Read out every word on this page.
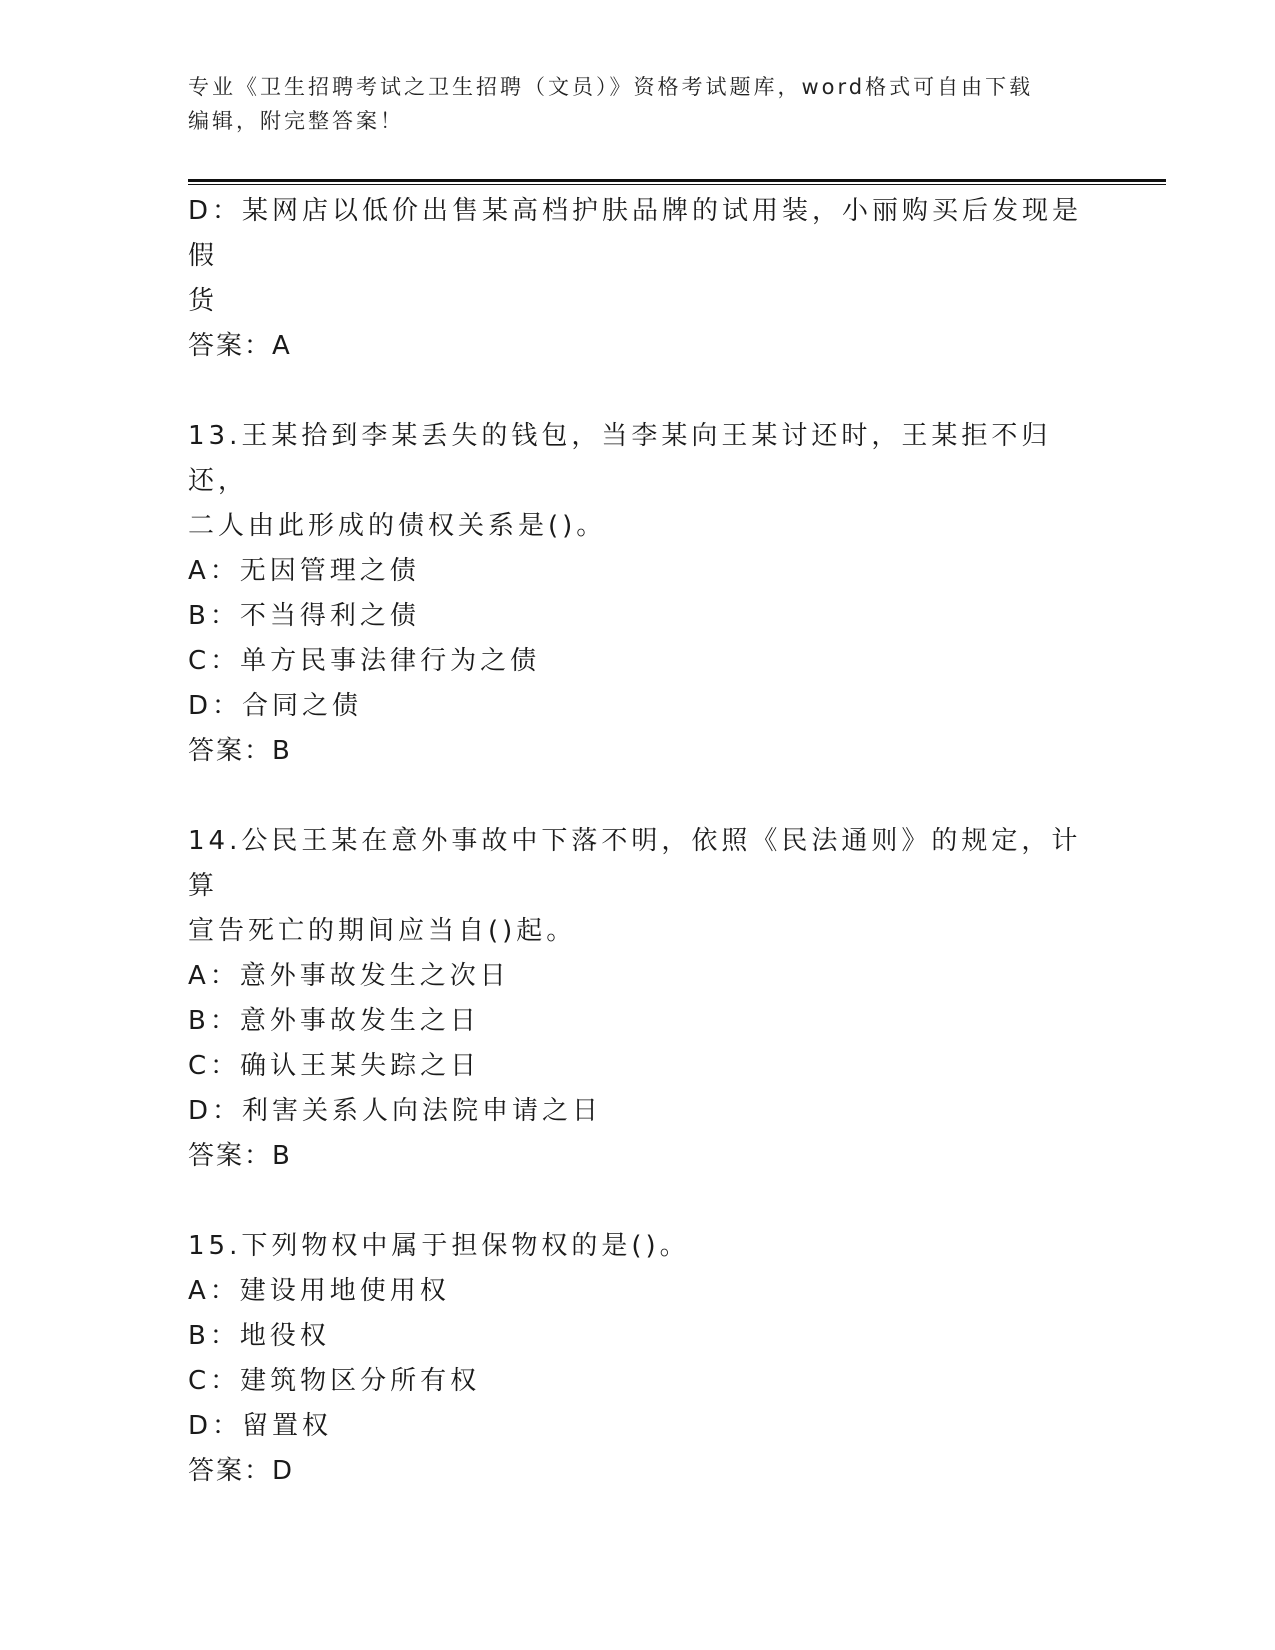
专业《卫生招聘考试之卫生招聘（文员）》资格考试题库，word格式可自由下载
编辑，附完整答案！
D：某网店以低价出售某高档护肤品牌的试用装，小丽购买后发现是假
货
答案：A
13.王某拾到李某丢失的钱包，当李某向王某讨还时，王某拒不归还，
二人由此形成的债权关系是()。
A：无因管理之债
B：不当得利之债
C：单方民事法律行为之债
D：合同之债
答案：B
14.公民王某在意外事故中下落不明，依照《民法通则》的规定，计算
宣告死亡的期间应当自()起。
A：意外事故发生之次日
B：意外事故发生之日
C：确认王某失踪之日
D：利害关系人向法院申请之日
答案：B
15.下列物权中属于担保物权的是()。
A：建设用地使用权
B：地役权
C：建筑物区分所有权
D：留置权
答案：D
